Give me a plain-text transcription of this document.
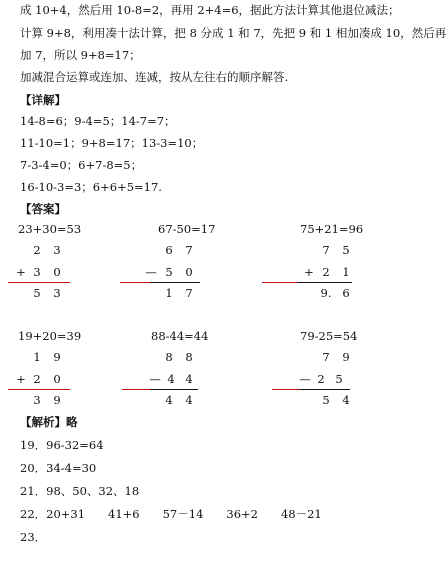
成 10+4，然后用 10-8=2，再用 2+4=6，据此方法计算其他退位减法；
计算 9+8，利用凑十法计算，把 8 分成 1 和 7，先把 9 和 1 相加凑成 10，然后再
加 7，所以 9+8=17；
加减混合运算或连加、连减，按从左往右的顺序解答.
【详解】
14-8=6；9-4=5；14-7=7；
11-10=1；9+8=17；13-3=10；
7-3-4=0；6+7-8=5；
16-10-3=3；6+6+5=17.
【答案】
23+30=53
2 3
+ 3 0
5 3
67-50=17
6 7
— 5 0
1 7
75+21=96
7 5
+ 2 1
9. 6
19+20=39
1 9
+ 2 0
3 9
88-44=44
8 8
— 4 4
4 4
79-25=54
7 9
— 2 5
5 4
【解析】略
19．96-32=64
20．34-4=30
21．98、50、32、18
22．20+31　　41+6　　57－14　　36+2　　48－21
23．
